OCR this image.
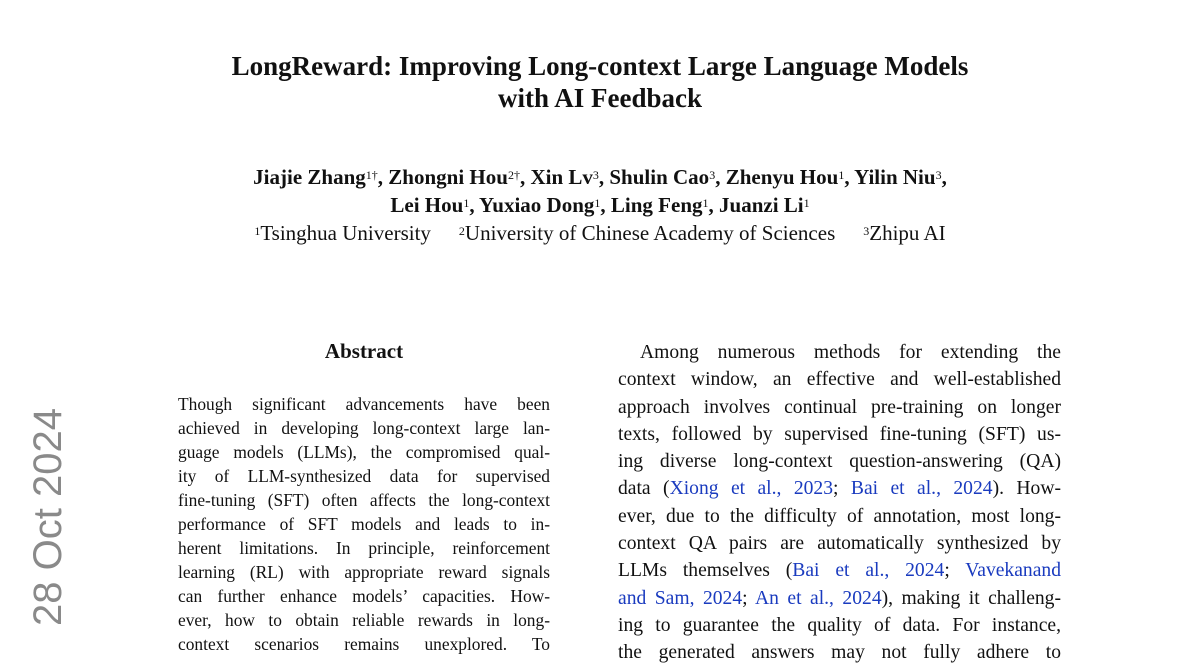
LongReward: Improving Long-context Large Language Models
with AI Feedback
Jiajie Zhang$^{1\dagger}$, Zhongni Hou$^{2\dagger}$, Xin Lv$^3$, Shulin Cao$^3$, Zhenyu Hou$^1$, Yilin Niu$^3$,
Lei Hou$^1$, Yuxiao Dong$^1$, Ling Feng$^1$, Juanzi Li$^1$
$^1$Tsinghua University $^2$University of Chinese Academy of Sciences $^3$Zhipu AI
28 Oct 2024
Abstract
Though significant advancements have been
achieved in developing long-context large lan-
guage models (LLMs), the compromised qual-
ity of LLM-synthesized data for supervised
fine-tuning (SFT) often affects the long-context
performance of SFT models and leads to in-
herent limitations. In principle, reinforcement
learning (RL) with appropriate reward signals
can further enhance models’ capacities. How-
ever, how to obtain reliable rewards in long-
context scenarios remains unexplored. To
Among numerous methods for extending the
context window, an effective and well-established
approach involves continual pre-training on longer
texts, followed by supervised fine-tuning (SFT) us-
ing diverse long-context question-answering (QA)
data (Xiong et al., 2023; Bai et al., 2024). How-
ever, due to the difficulty of annotation, most long-
context QA pairs are automatically synthesized by
LLMs themselves (Bai et al., 2024; Vavekanand
and Sam, 2024; An et al., 2024), making it challeng-
ing to guarantee the quality of data. For instance,
the generated answers may not fully adhere to
